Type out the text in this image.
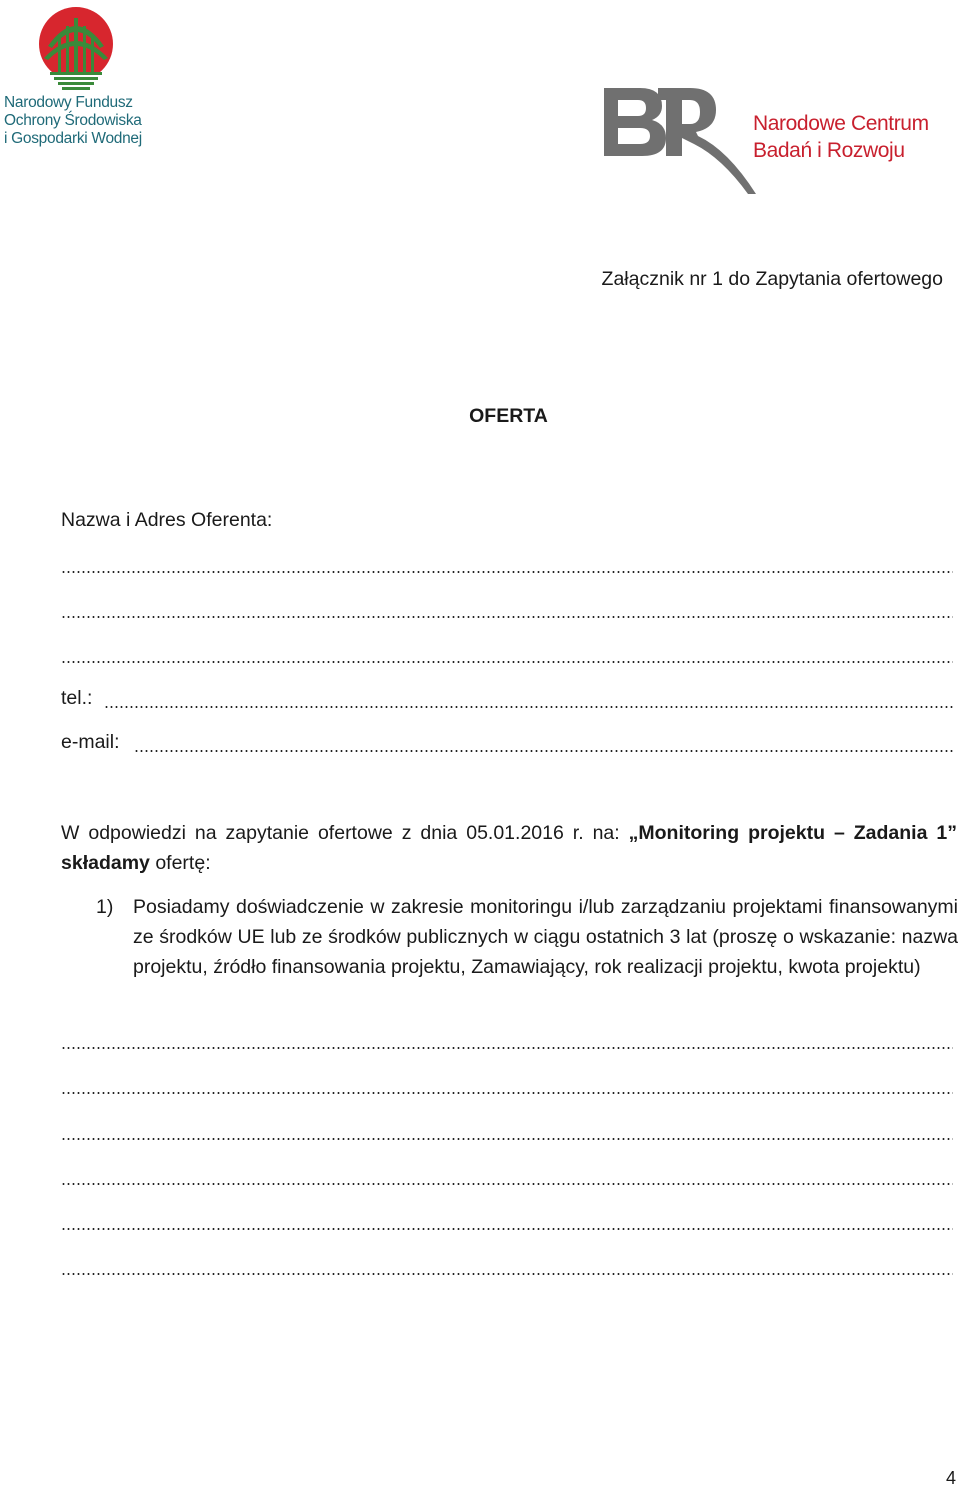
Narodowy Fundusz
Ochrony Środowiska
i Gospodarki Wodnej
Narodowe Centrum
Badań i Rozwoju
Załącznik nr 1 do Zapytania ofertowego
OFERTA
Nazwa i Adres Oferenta:
tel.:
e-mail:
W odpowiedzi na zapytanie ofertowe z dnia 05.01.2016 r. na: „Monitoring projektu – Zadania 1” składamy ofertę:
1) Posiadamy doświadczenie w zakresie monitoringu i/lub zarządzaniu projektami finansowanymi ze środków UE lub ze środków publicznych w ciągu ostatnich 3 lat (proszę o wskazanie: nazwa projektu, źródło finansowania projektu, Zamawiający, rok realizacji projektu, kwota projektu)
4
